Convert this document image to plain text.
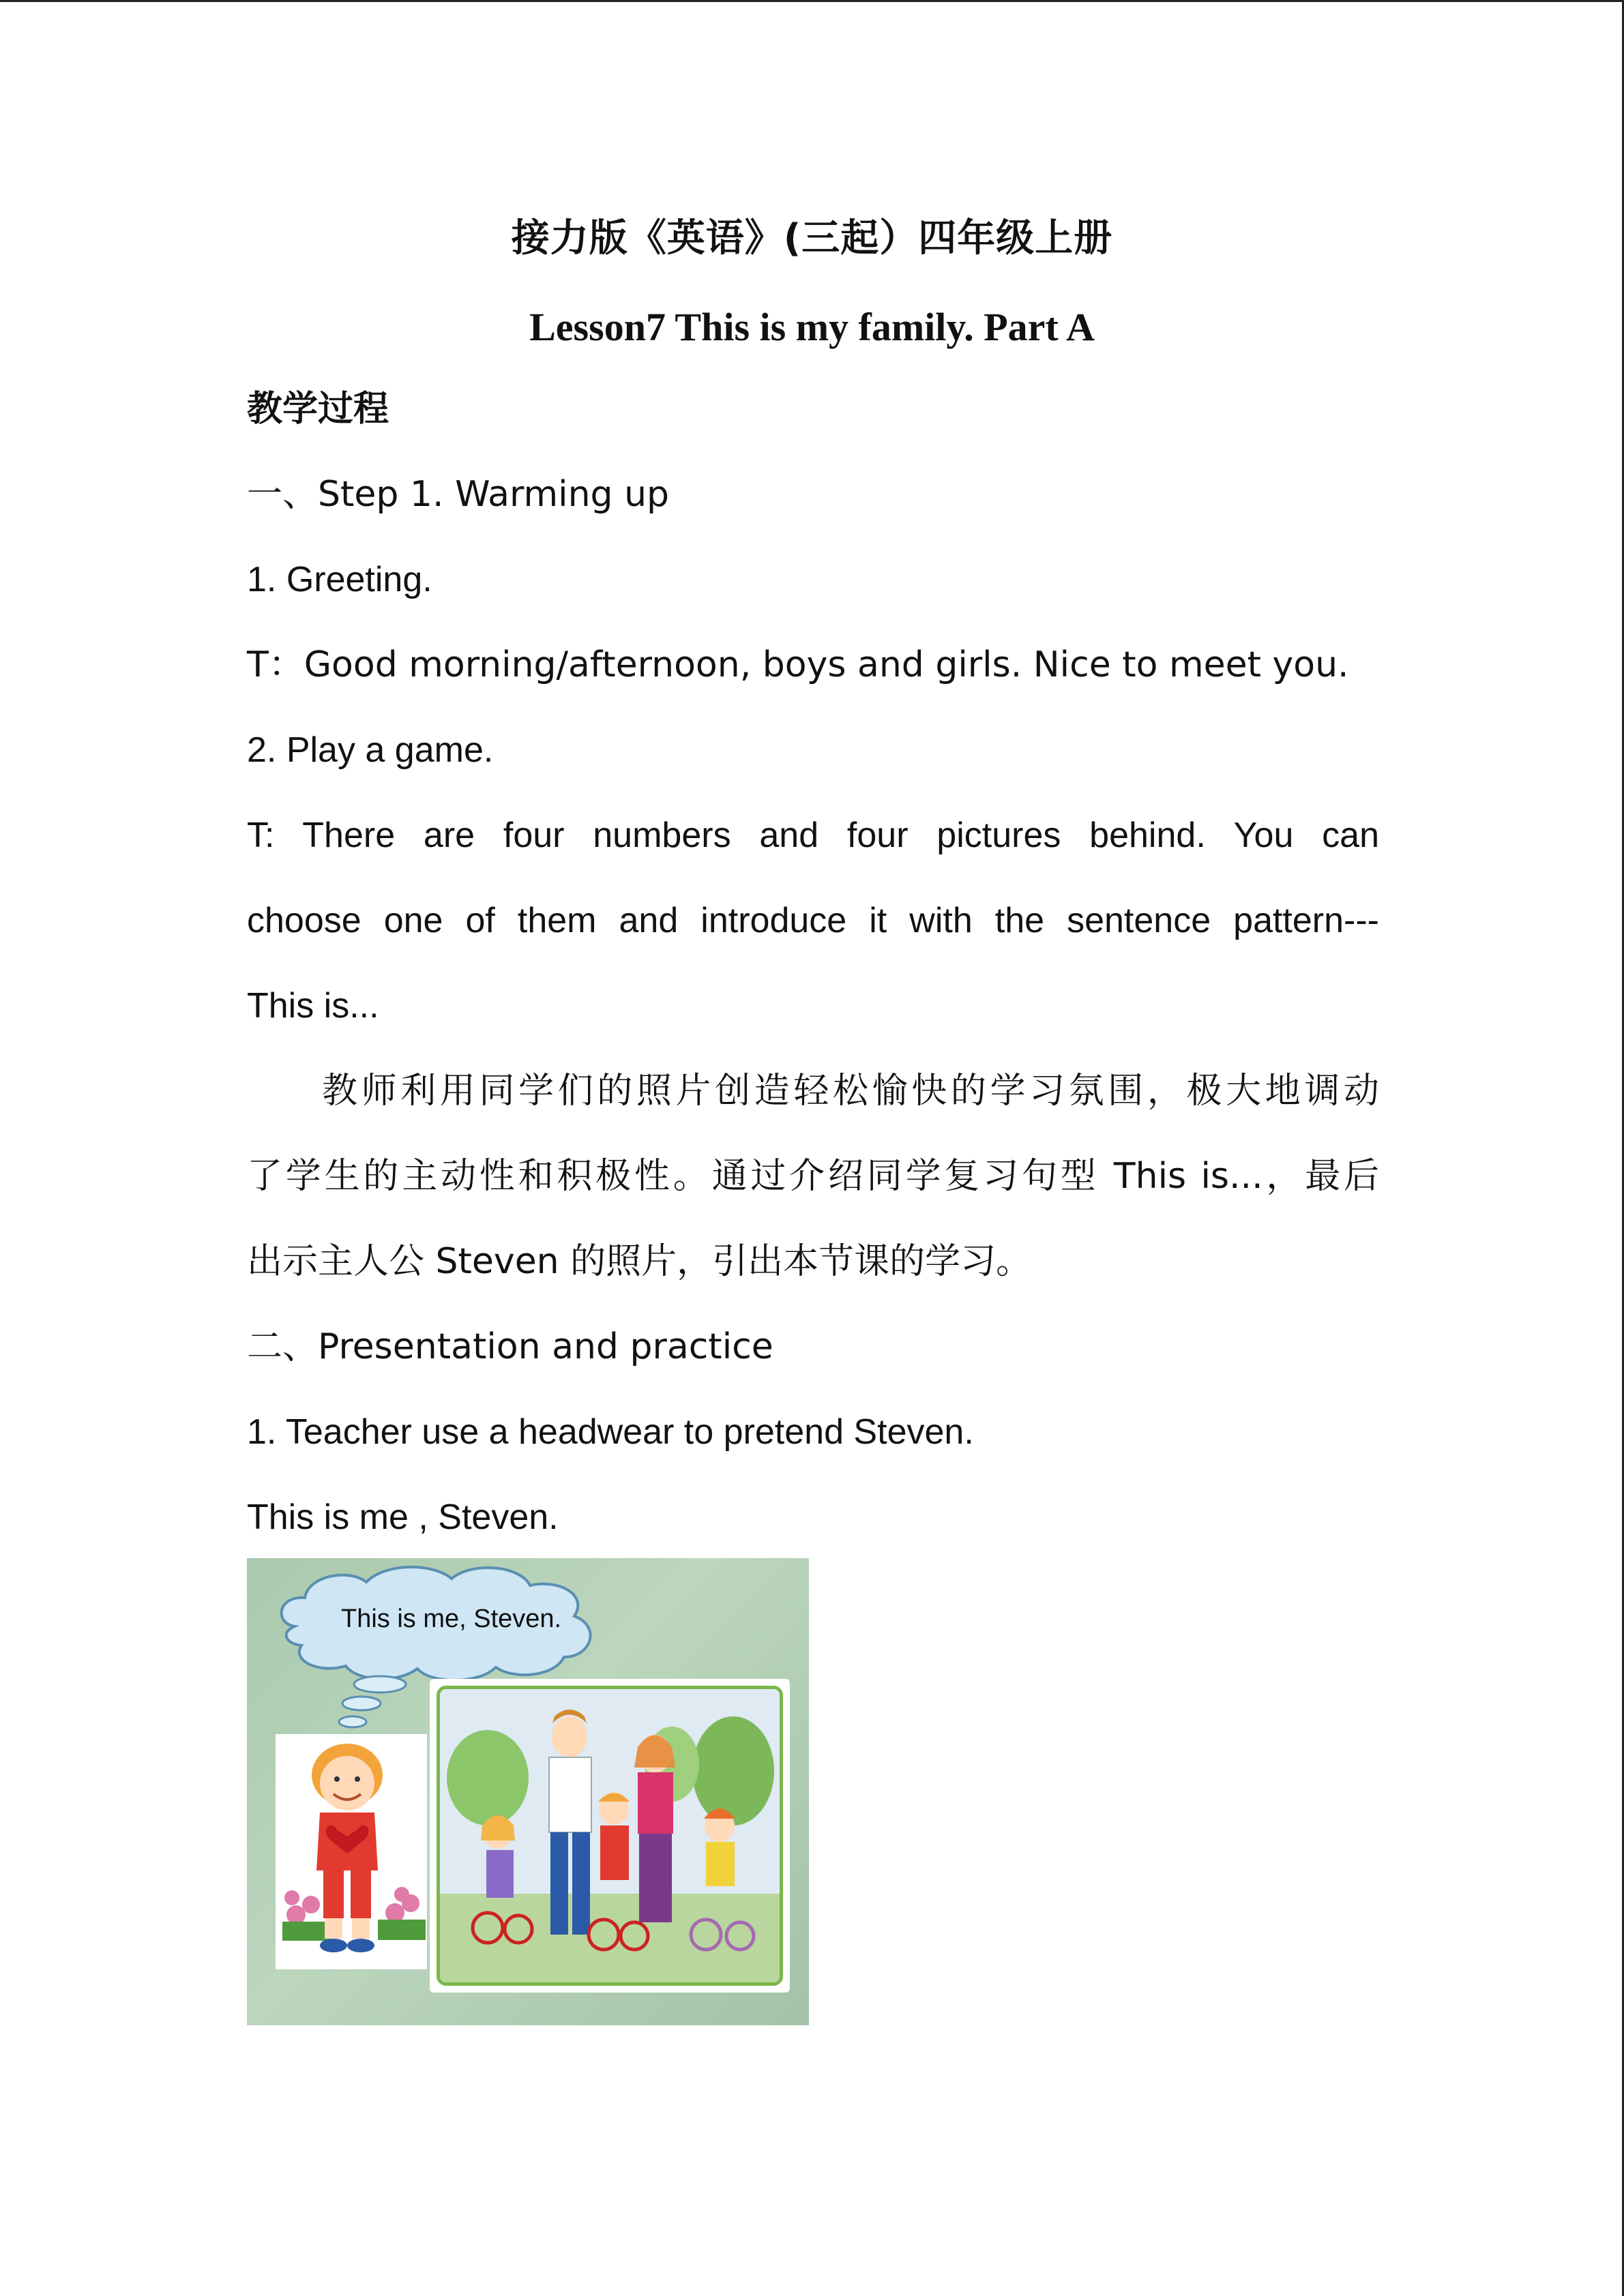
接力版《英语》(三起）四年级上册
Lesson7 This is my family. Part A
教学过程
一、Step 1. Warming up
1. Greeting.
T：Good morning/afternoon, boys and girls. Nice to meet you.
2. Play a game.
T: There are four numbers and four pictures behind. You can
choose one of them and introduce it with the sentence pattern---
This is...
教师利用同学们的照片创造轻松愉快的学习氛围，极大地调动
了学生的主动性和积极性。通过介绍同学复习句型 This is...，最后
出示主人公 Steven 的照片，引出本节课的学习。
二、Presentation and practice
1. Teacher use a headwear to pretend Steven.
This is me , Steven.
This is me, Steven.
